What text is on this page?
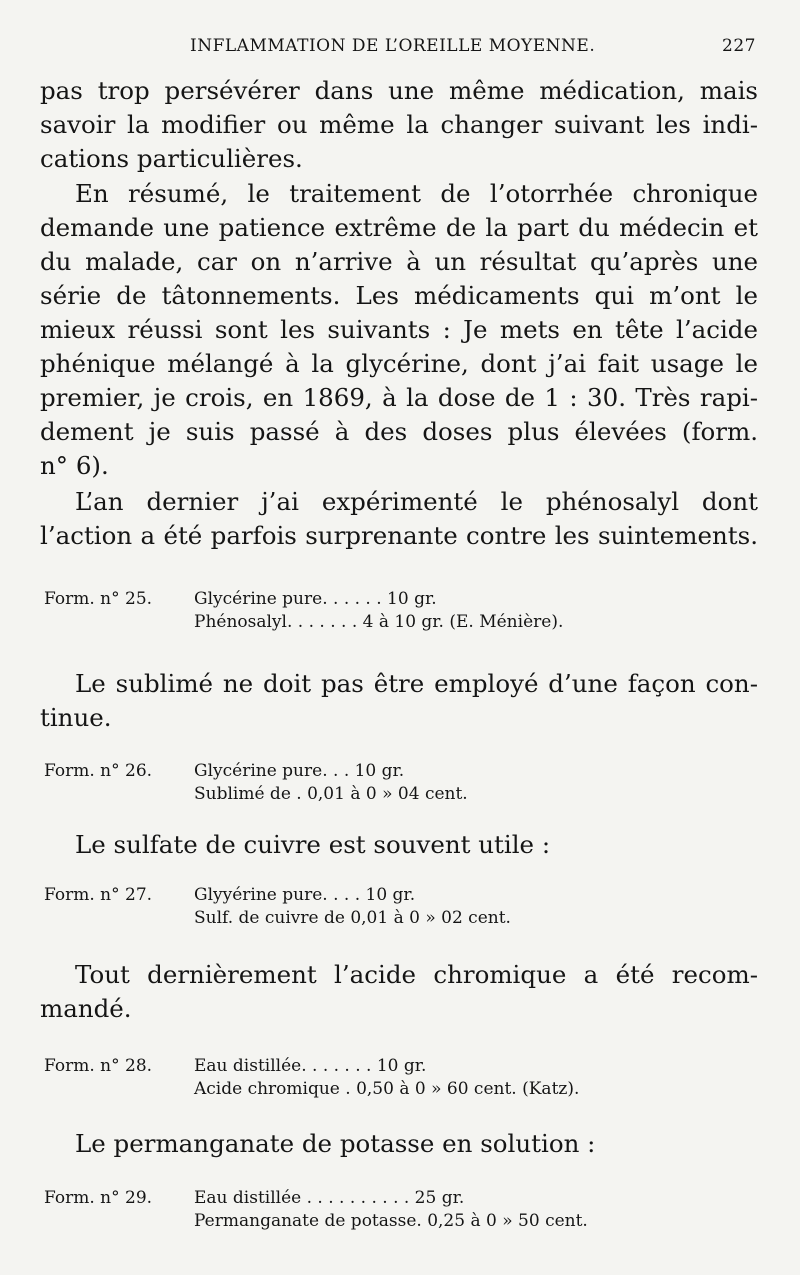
INFLAMMATION DE L’OREILLE MOYENNE.	227
pas trop persévérer dans une même médication, mais
savoir la modifier ou même la changer suivant les indi-
cations particulières.
En résumé, le traitement de l’otorrhée chronique
demande une patience extrême de la part du médecin et
du malade, car on n’arrive à un résultat qu’après une
série de tâtonnements. Les médicaments qui m’ont le
mieux réussi sont les suivants : Je mets en tête l’acide
phénique mélangé à la glycérine, dont j’ai fait usage le
premier, je crois, en 1869, à la dose de 1 : 30. Très rapi-
dement je suis passé à des doses plus élevées (form.
n° 6).
L’an dernier j’ai expérimenté le phénosalyl dont
l’action a été parfois surprenante contre les suintements.
Form. n° 25. Glycérine pure. . . . . . 10 gr.
Phénosalyl. . . . . . . 4 à 10 gr. (E. Ménière).
Le sublimé ne doit pas être employé d’une façon con-
tinue.
Form. n° 26. Glycérine pure. . . 10 gr.
Sublimé de . 0,01 à 0 » 04 cent.
Le sulfate de cuivre est souvent utile :
Form. n° 27. Glyyérine pure. . . . 10 gr.
Sulf. de cuivre de 0,01 à 0 » 02 cent.
Tout dernièrement l’acide chromique a été recom-
mandé.
Form. n° 28. Eau distillée. . . . . . . 10 gr.
Acide chromique . 0,50 à 0 » 60 cent. (Katz).
Le permanganate de potasse en solution :
Form. n° 29. Eau distillée . . . . . . . . . . 25 gr.
Permanganate de potasse. 0,25 à 0 » 50 cent.
